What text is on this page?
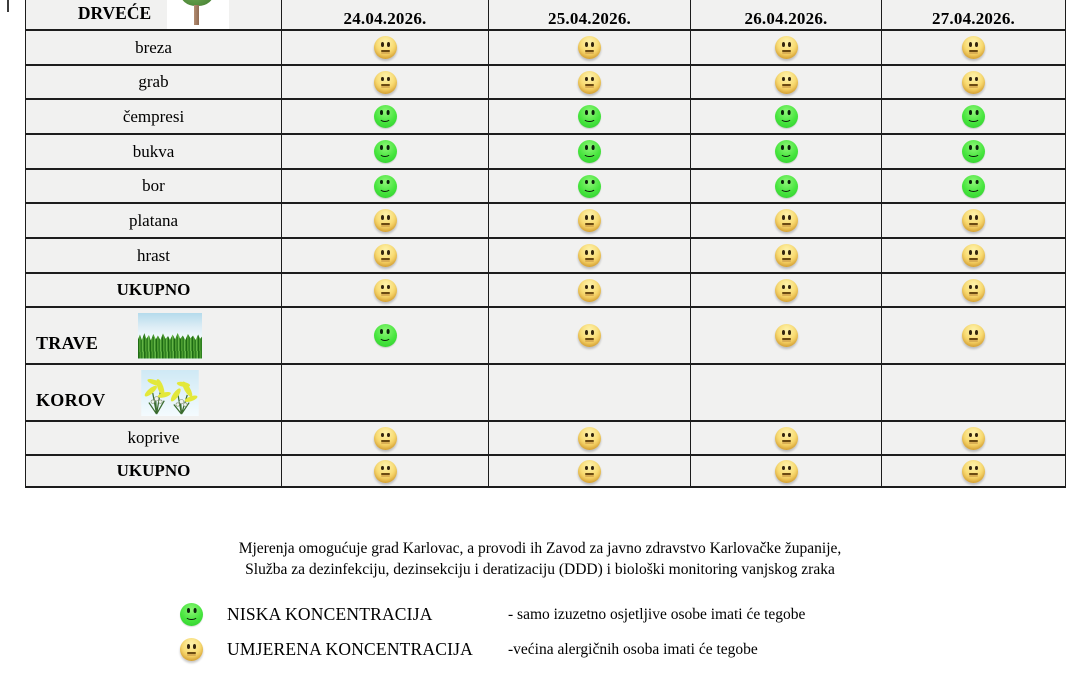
DRVEĆE	24.04.2026.	25.04.2026.	26.04.2026.	27.04.2026.
breza				
grab				
čempresi				
bukva				
bor				
platana				
hrast				
UKUPNO				

TRAVE				

KOROV				

koprive				
UKUPNO				
Mjerenja omogućuje grad Karlovac, a provodi ih Zavod za javno zdravstvo Karlovačke županije,
Služba za dezinfekciju, dezinsekciju i deratizaciju (DDD) i biološki monitoring vanjskog zraka
NISKA KONCENTRACIJA	- samo izuzetno osjetljive osobe imati će tegobe
UMJERENA KONCENTRACIJA	-većina alergičnih osoba imati će tegobe
